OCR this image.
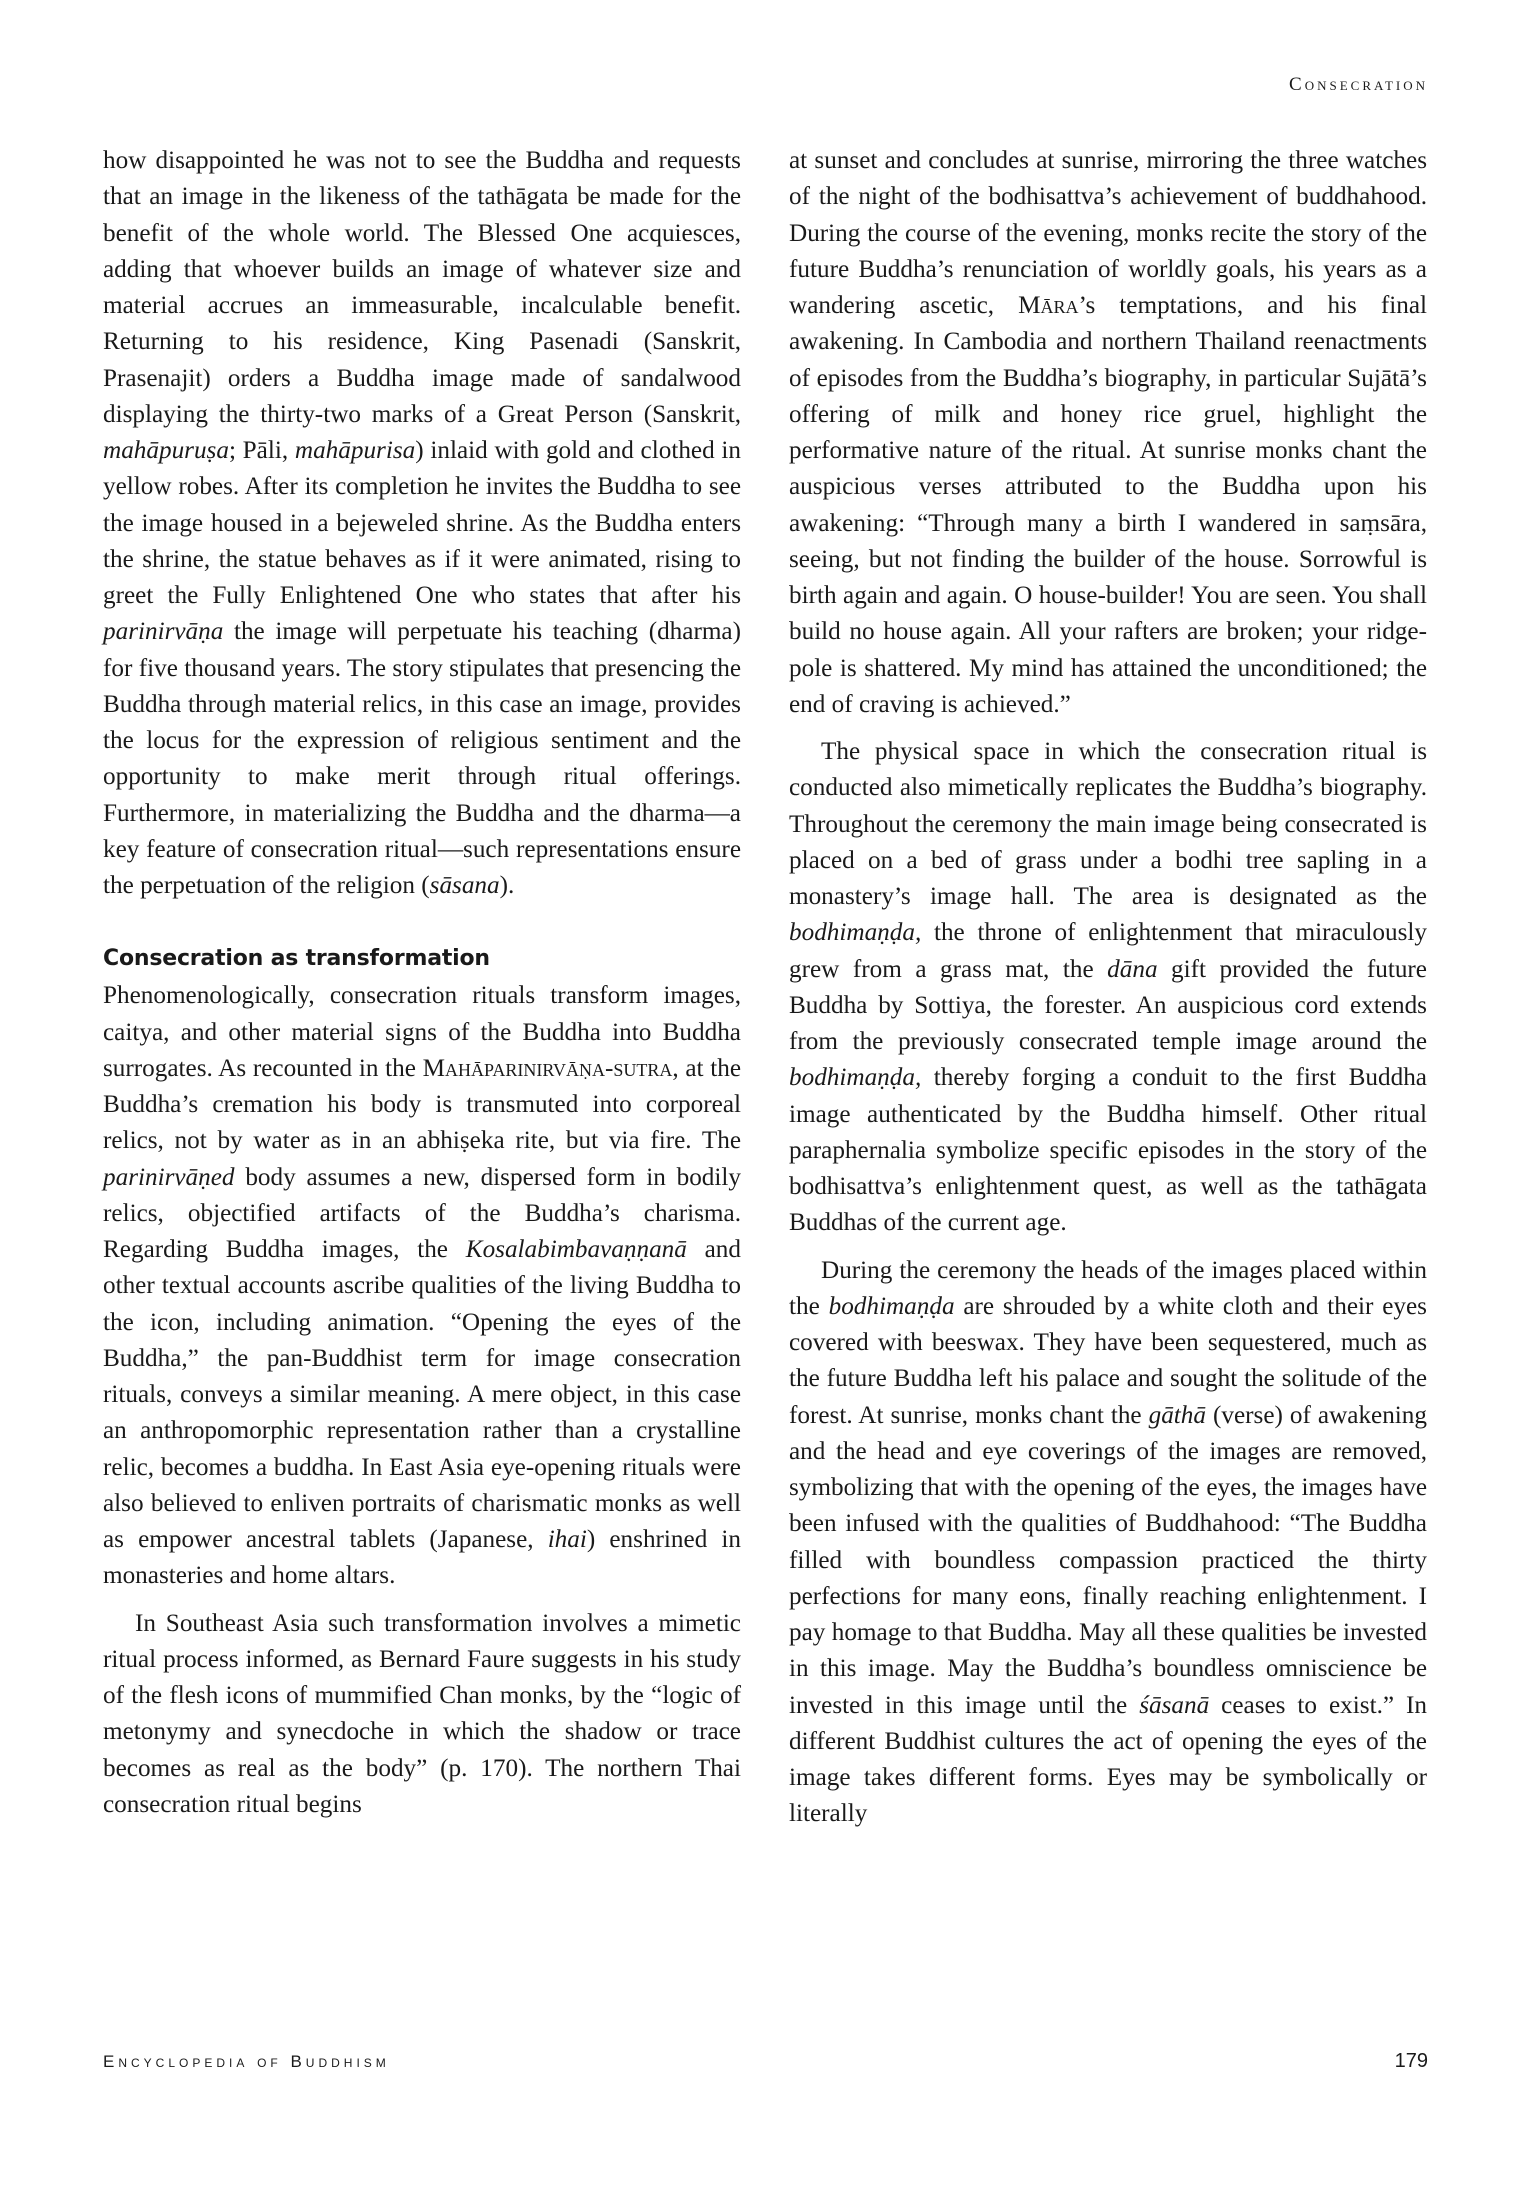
Consecration

how disappointed he was not to see the Buddha and requests that an image in the likeness of the tathāgata be made for the benefit of the whole world. The Blessed One acquiesces, adding that whoever builds an image of whatever size and material accrues an immeasurable, incalculable benefit. Returning to his residence, King Pasenadi (Sanskrit, Prasenajit) orders a Buddha image made of sandalwood displaying the thirty-two marks of a Great Person (Sanskrit, mahāpuruṣa; Pāli, mahāpurisa) inlaid with gold and clothed in yellow robes. After its completion he invites the Buddha to see the image housed in a bejeweled shrine. As the Buddha enters the shrine, the statue behaves as if it were animated, rising to greet the Fully Enlightened One who states that after his parinirvāṇa the image will perpetuate his teaching (dharma) for five thousand years. The story stipulates that presencing the Buddha through material relics, in this case an image, provides the locus for the expression of religious sentiment and the opportunity to make merit through ritual offerings. Furthermore, in materializing the Buddha and the dharma—a key feature of consecration ritual—such representations ensure the perpetuation of the religion (sāsana).

Consecration as transformation

Phenomenologically, consecration rituals transform images, caitya, and other material signs of the Buddha into Buddha surrogates. As recounted in the Mahāparinirvāṇa-sutra, at the Buddha’s cremation his body is transmuted into corporeal relics, not by water as in an abhiṣeka rite, but via fire. The parinirvāṇed body assumes a new, dispersed form in bodily relics, objectified artifacts of the Buddha’s charisma. Regarding Buddha images, the Kosalabimbavaṇṇanā and other textual accounts ascribe qualities of the living Buddha to the icon, including animation. “Opening the eyes of the Buddha,” the pan-Buddhist term for image consecration rituals, conveys a similar meaning. A mere object, in this case an anthropomorphic representation rather than a crystalline relic, becomes a buddha. In East Asia eye-opening rituals were also believed to enliven portraits of charismatic monks as well as empower ancestral tablets (Japanese, ihai) enshrined in monasteries and home altars.

In Southeast Asia such transformation involves a mimetic ritual process informed, as Bernard Faure suggests in his study of the flesh icons of mummified Chan monks, by the “logic of metonymy and synecdoche in which the shadow or trace becomes as real as the body” (p. 170). The northern Thai consecration ritual begins

at sunset and concludes at sunrise, mirroring the three watches of the night of the bodhisattva’s achievement of buddhahood. During the course of the evening, monks recite the story of the future Buddha’s renunciation of worldly goals, his years as a wandering ascetic, Māra’s temptations, and his final awakening. In Cambodia and northern Thailand reenactments of episodes from the Buddha’s biography, in particular Sujātā’s offering of milk and honey rice gruel, highlight the performative nature of the ritual. At sunrise monks chant the auspicious verses attributed to the Buddha upon his awakening: “Through many a birth I wandered in saṃsāra, seeing, but not finding the builder of the house. Sorrowful is birth again and again. O house-builder! You are seen. You shall build no house again. All your rafters are broken; your ridge-pole is shattered. My mind has attained the unconditioned; the end of craving is achieved.”

The physical space in which the consecration ritual is conducted also mimetically replicates the Buddha’s biography. Throughout the ceremony the main image being consecrated is placed on a bed of grass under a bodhi tree sapling in a monastery’s image hall. The area is designated as the bodhimaṇḍa, the throne of enlightenment that miraculously grew from a grass mat, the dāna gift provided the future Buddha by Sottiya, the forester. An auspicious cord extends from the previously consecrated temple image around the bodhimaṇḍa, thereby forging a conduit to the first Buddha image authenticated by the Buddha himself. Other ritual paraphernalia symbolize specific episodes in the story of the bodhisattva’s enlightenment quest, as well as the tathāgata Buddhas of the current age.

During the ceremony the heads of the images placed within the bodhimaṇḍa are shrouded by a white cloth and their eyes covered with beeswax. They have been sequestered, much as the future Buddha left his palace and sought the solitude of the forest. At sunrise, monks chant the gāthā (verse) of awakening and the head and eye coverings of the images are removed, symbolizing that with the opening of the eyes, the images have been infused with the qualities of Buddhahood: “The Buddha filled with boundless compassion practiced the thirty perfections for many eons, finally reaching enlightenment. I pay homage to that Buddha. May all these qualities be invested in this image. May the Buddha’s boundless omniscience be invested in this image until the śāsanā ceases to exist.” In different Buddhist cultures the act of opening the eyes of the image takes different forms. Eyes may be symbolically or literally

Encyclopedia of Buddhism	179
